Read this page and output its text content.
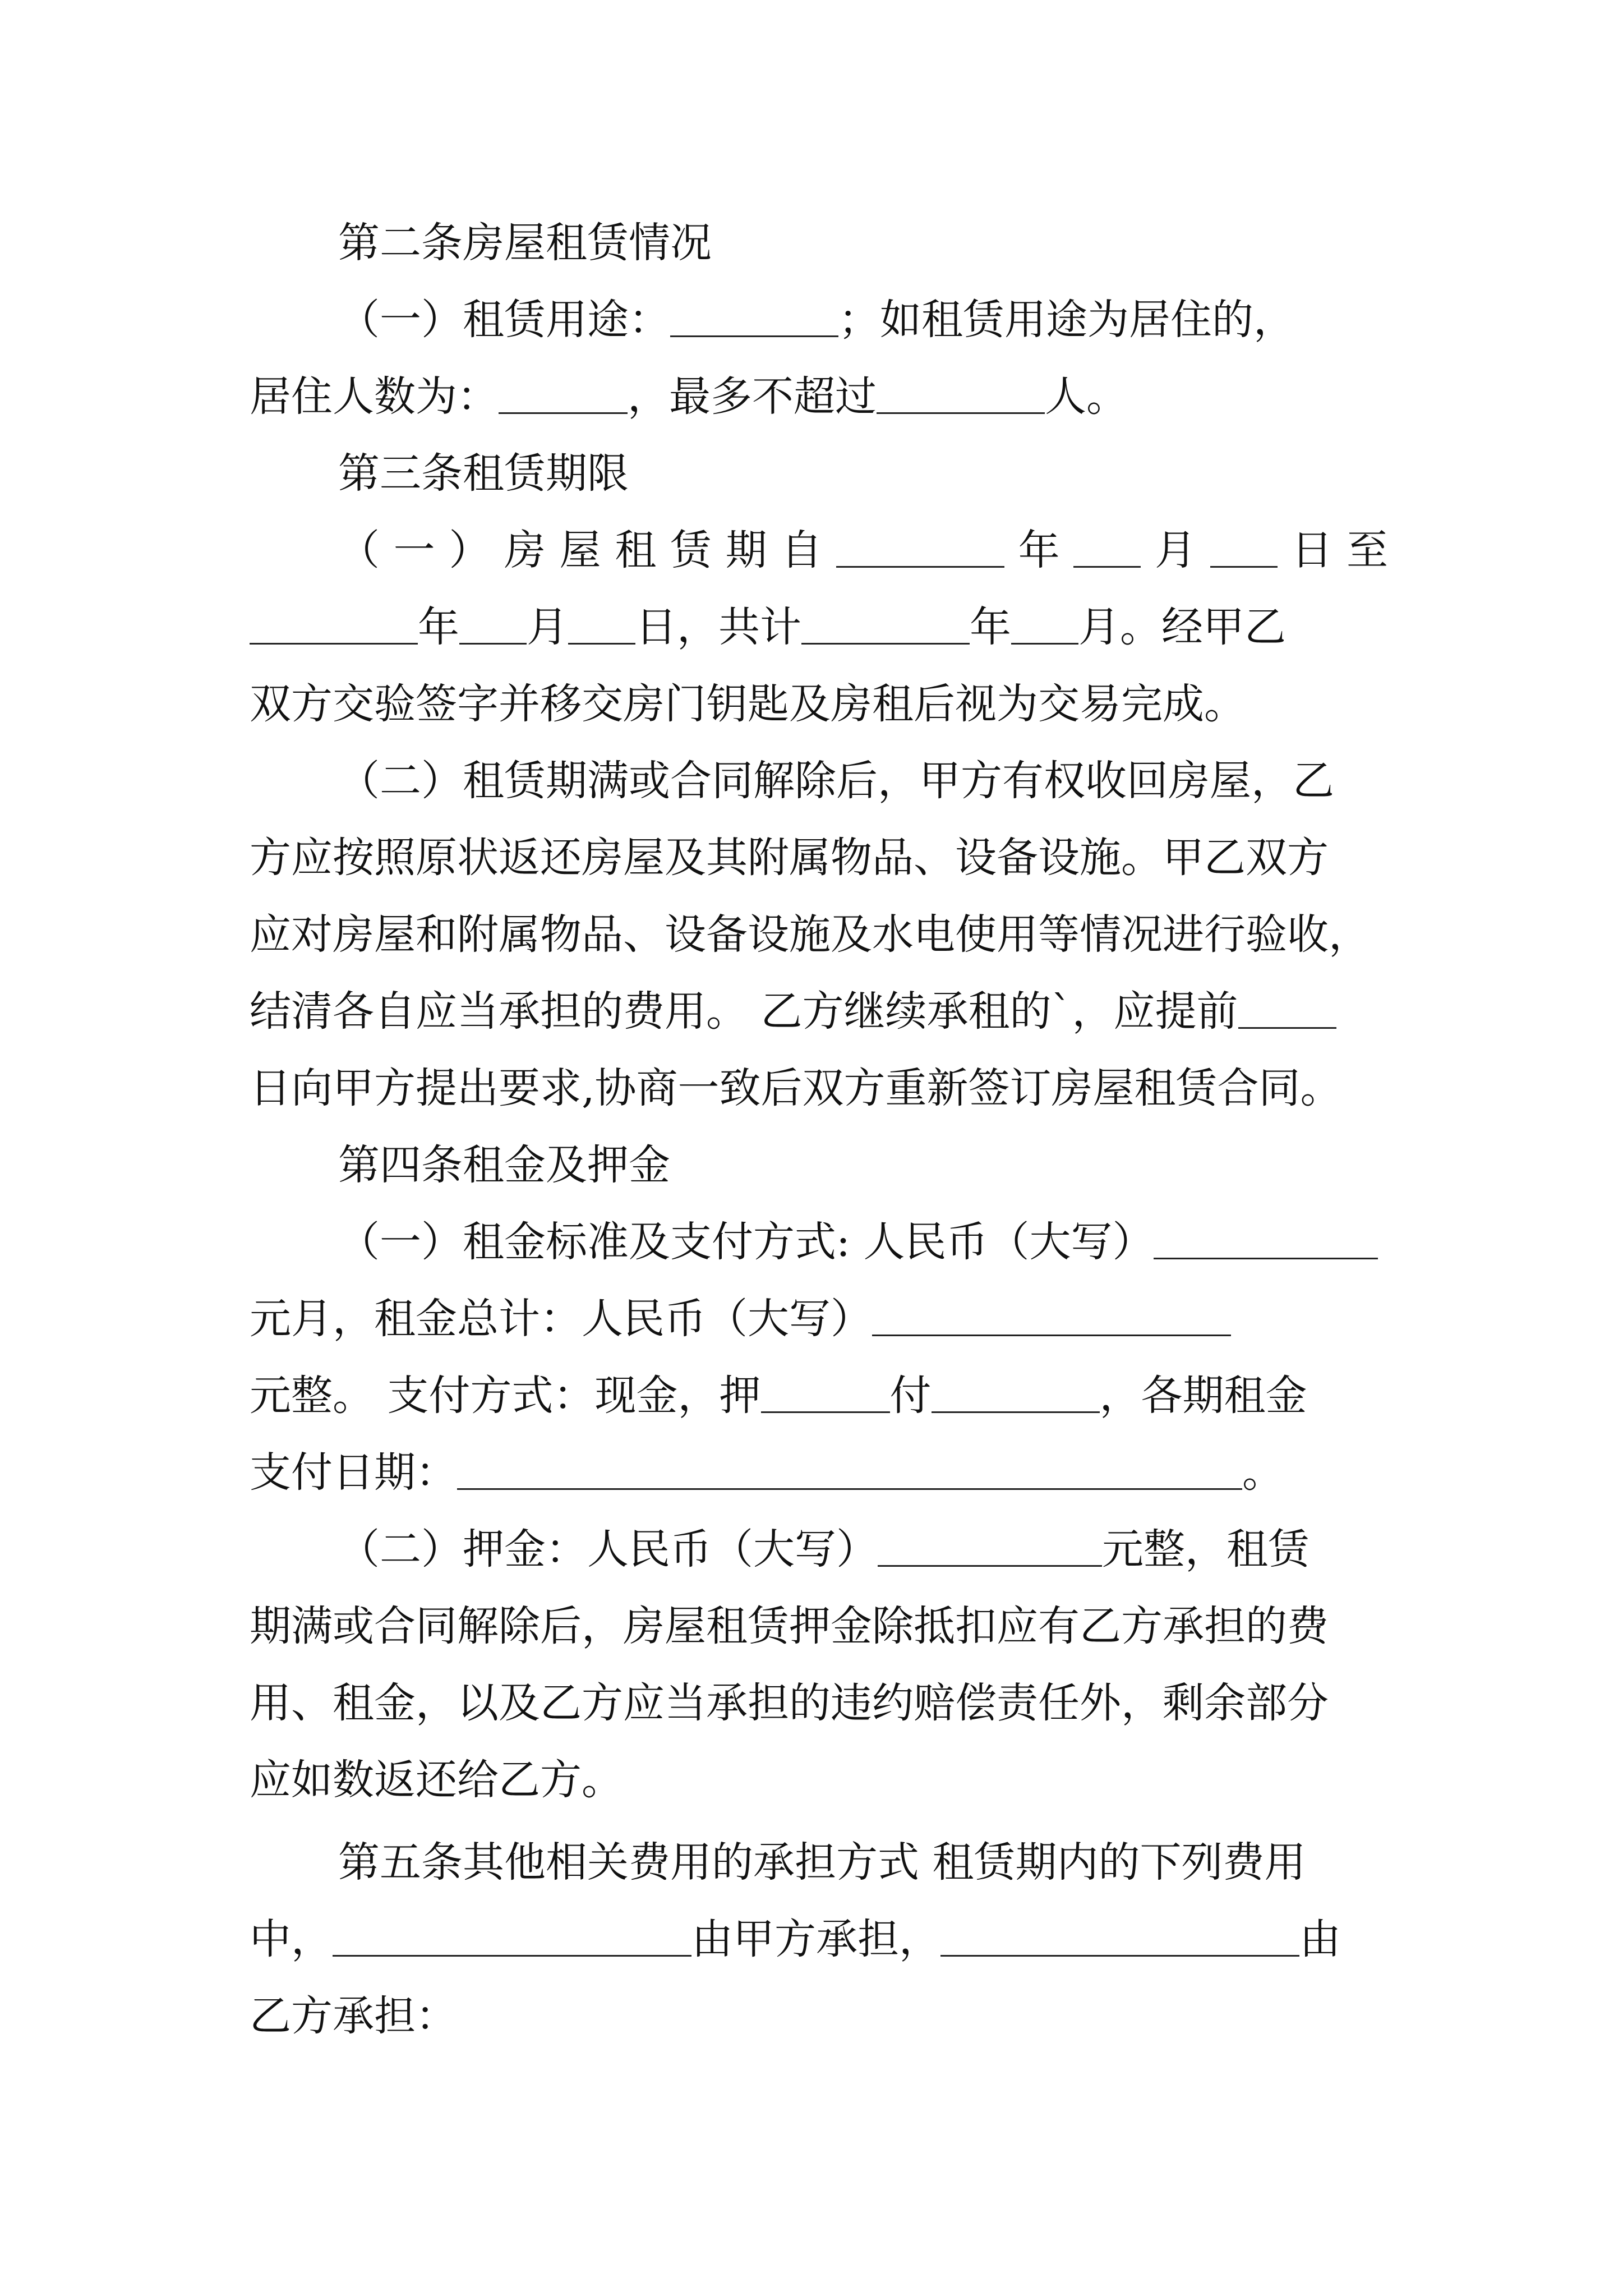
第二条房屋租赁情况
（一）租赁用途：	；如租赁用途为居住的，
居住人数为：	，最多不超过	人。
第三条租赁期限
（一）房屋租赁期自	年 月 日至
年 月 日，共计	年 月。经甲乙
双方交验签字并移交房门钥匙及房租后视为交易完成。
（二）租赁期满或合同解除后，甲方有权收回房屋，乙
方应按照原状返还房屋及其附属物品、设备设施。甲乙双方
应对房屋和附属物品、设备设施及水电使用等情况进行验收，
结清各自应当承担的费用。 乙方继续承租的`，应提前
日向甲方提出要求,协商一致后双方重新签订房屋租赁合同。
第四条租金及押金
（一）租金标准及支付方式: 人民币（大写）
元月，租金总计：人民币（大写）
元整。 支付方式：现金，押	付	，各期租金
支付日期：	。
（二）押金：人民币（大写）	元整，租赁
期满或合同解除后，房屋租赁押金除抵扣应有乙方承担的费
用、租金，以及乙方应当承担的违约赔偿责任外，剩余部分
应如数返还给乙方。
第五条其他相关费用的承担方式 租赁期内的下列费用
中，	由甲方承担，	由
乙方承担：
